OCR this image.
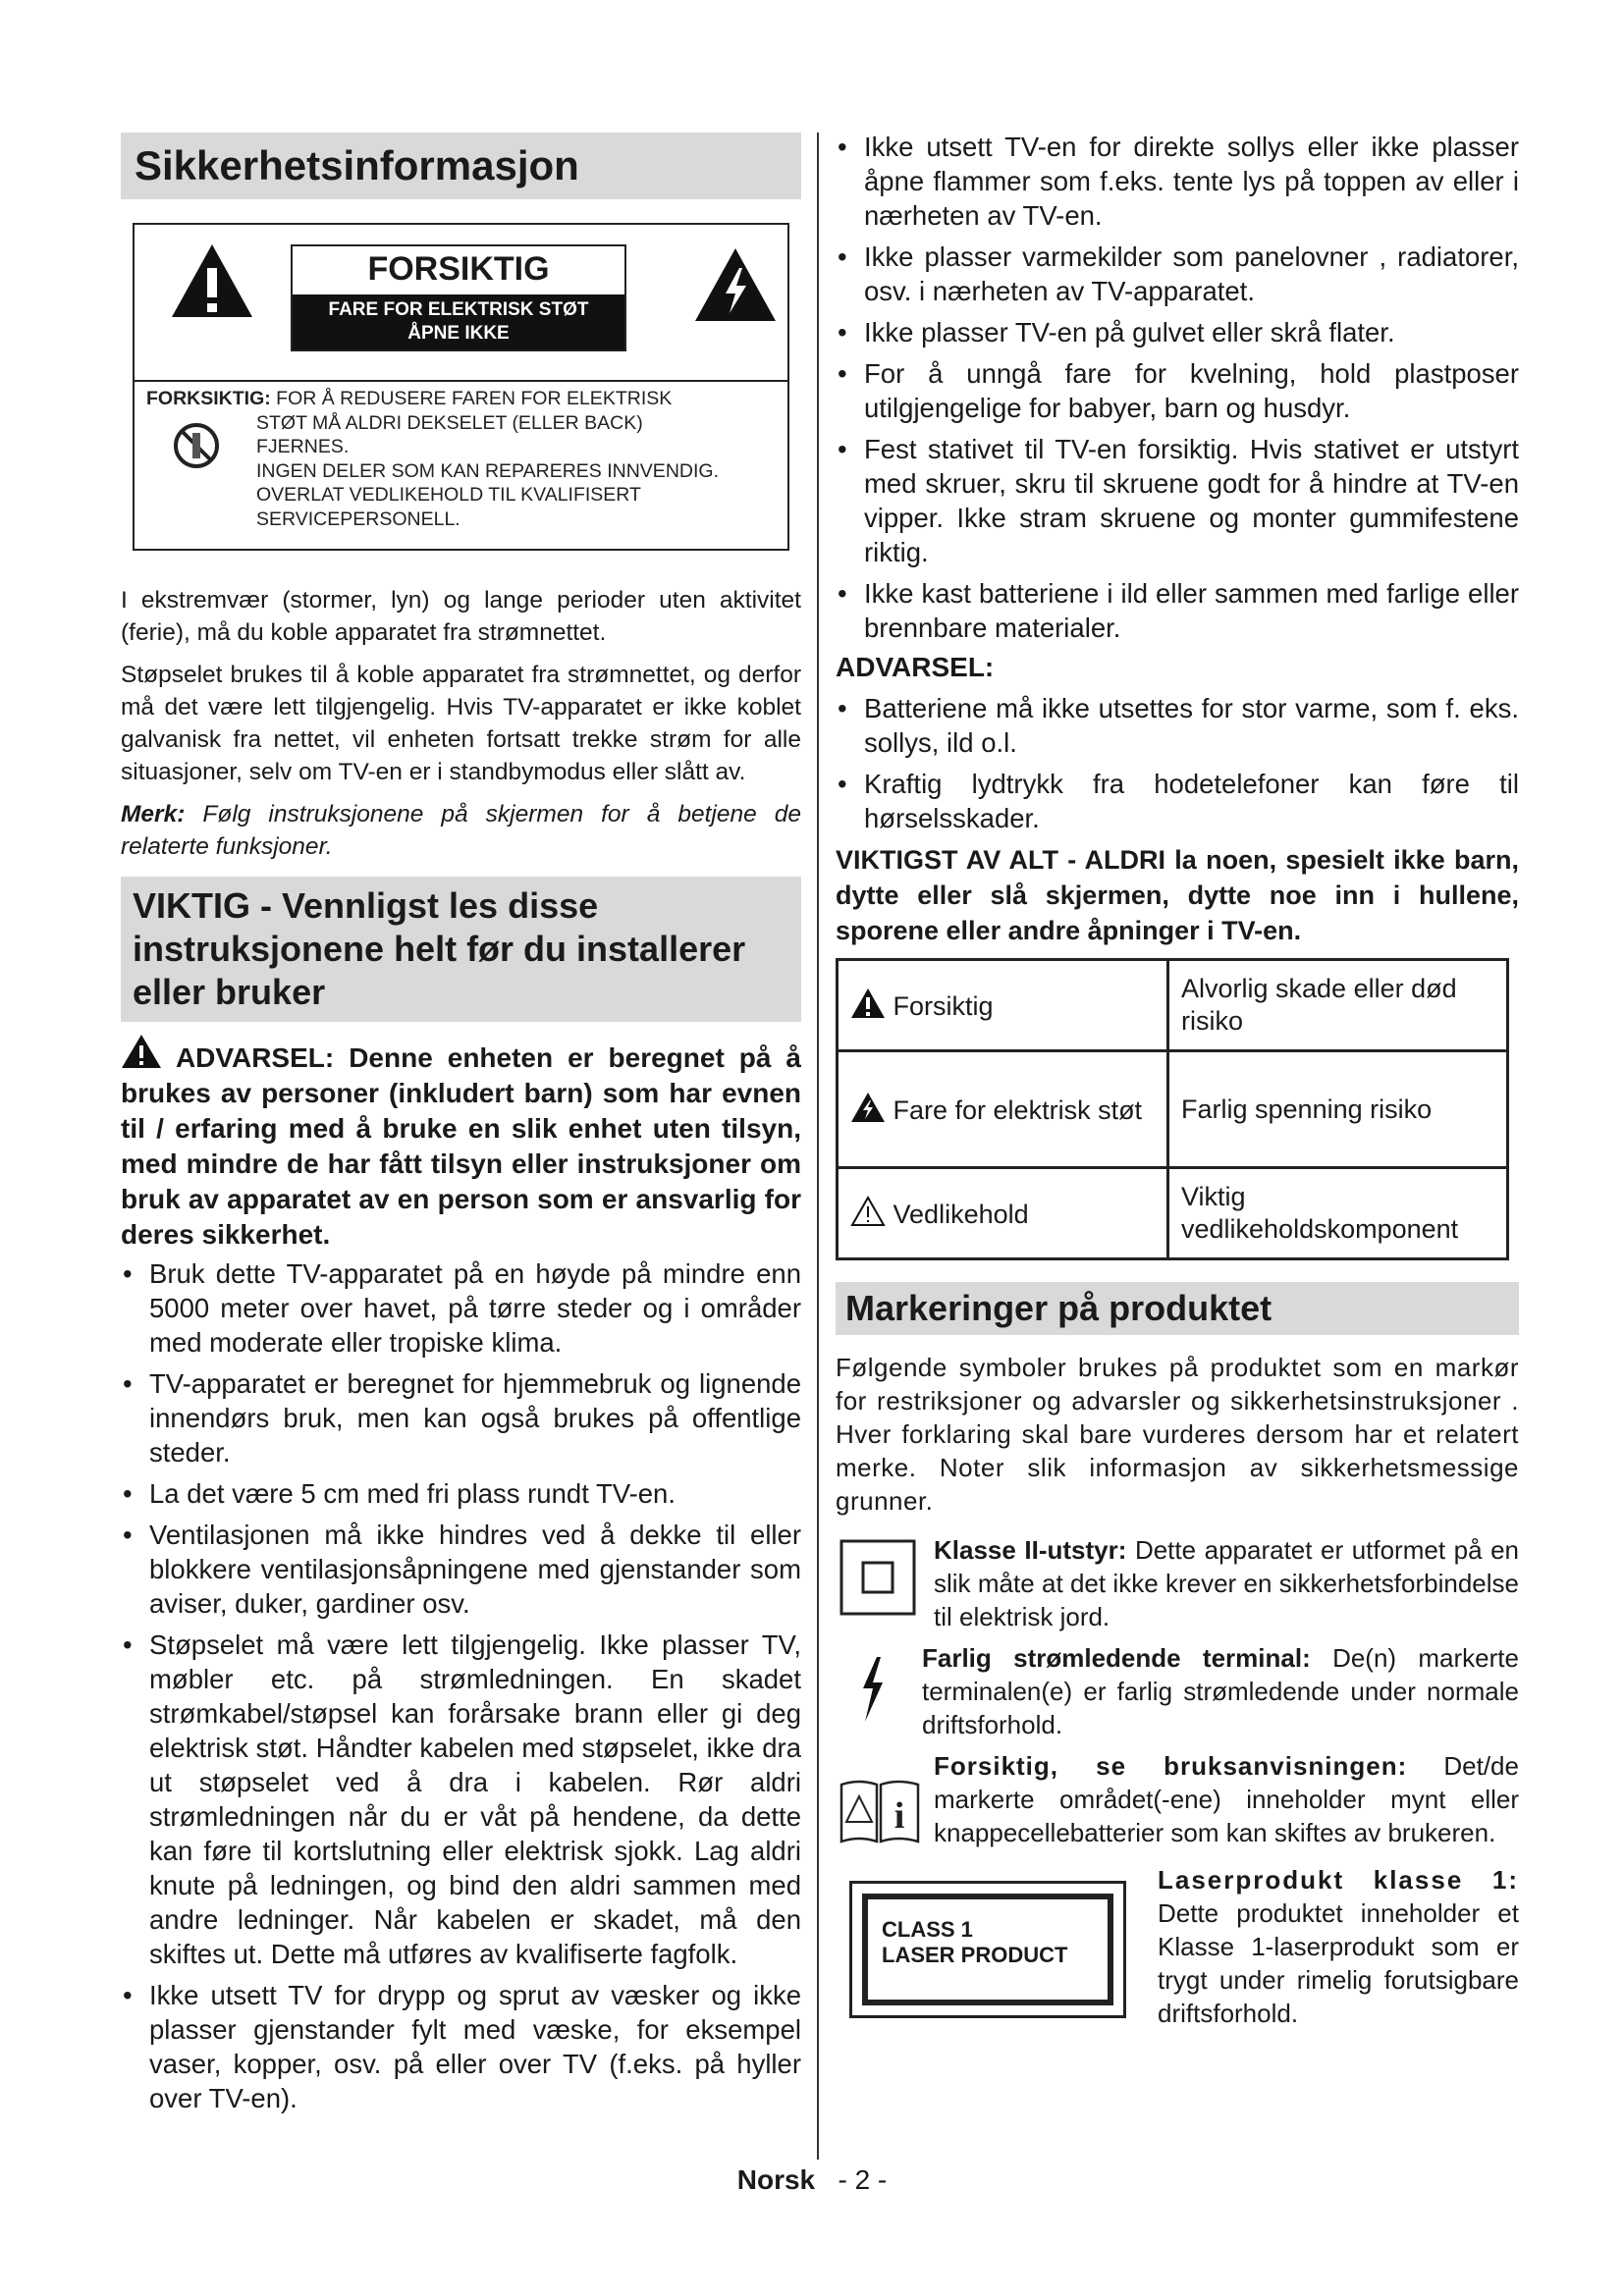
Sikkerhetsinformasjon
FORSIKTIG
FARE FOR ELEKTRISK STØT
ÅPNE IKKE
FORKSIKTIG: FOR Å REDUSERE FAREN FOR ELEKTRISK
STØT MÅ ALDRI DEKSELET (ELLER BACK)
FJERNES.
INGEN DELER SOM KAN REPARERES INNVENDIG.
OVERLAT VEDLIKEHOLD TIL KVALIFISERT
SERVICEPERSONELL.

I ekstremvær (stormer, lyn) og lange perioder uten aktivitet (ferie), må du koble apparatet fra strømnettet.

Støpselet brukes til å koble apparatet fra strømnettet, og derfor må det være lett tilgjengelig. Hvis TV-apparatet er ikke koblet galvanisk fra nettet, vil enheten fortsatt trekke strøm for alle situasjoner, selv om TV-en er i standbymodus eller slått av.

Merk: Følg instruksjonene på skjermen for å betjene de relaterte funksjoner.

VIKTIG - Vennligst les disse instruksjonene helt før du installerer eller bruker
ADVARSEL: Denne enheten er beregnet på å brukes av personer (inkludert barn) som har evnen til / erfaring med å bruke en slik enhet uten tilsyn, med mindre de har fått tilsyn eller instruksjoner om bruk av apparatet av en person som er ansvarlig for deres sikkerhet.
• Bruk dette TV-apparatet på en høyde på mindre enn 5000 meter over havet, på tørre steder og i områder med moderate eller tropiske klima.
• TV-apparatet er beregnet for hjemmebruk og lignende innendørs bruk, men kan også brukes på offentlige steder.
• La det være 5 cm med fri plass rundt TV-en.
• Ventilasjonen må ikke hindres ved å dekke til eller blokkere ventilasjonsåpningene med gjenstander som aviser, duker, gardiner osv.
• Støpselet må være lett tilgjengelig. Ikke plasser TV, møbler etc. på strømledningen. En skadet strømkabel/støpsel kan forårsake brann eller gi deg elektrisk støt. Håndter kabelen med støpselet, ikke dra ut støpselet ved å dra i kabelen. Rør aldri strømledningen når du er våt på hendene, da dette kan føre til kortslutning eller elektrisk sjokk. Lag aldri knute på ledningen, og bind den aldri sammen med andre ledninger. Når kabelen er skadet, må den skiftes ut. Dette må utføres av kvalifiserte fagfolk.
• Ikke utsett TV for drypp og sprut av væsker og ikke plasser gjenstander fylt med væske, for eksempel vaser, kopper, osv. på eller over TV (f.eks. på hyller over TV-en).
• Ikke utsett TV-en for direkte sollys eller ikke plasser åpne flammer som f.eks. tente lys på toppen av eller i nærheten av TV-en.
• Ikke plasser varmekilder som panelovner , radiatorer, osv. i nærheten av TV-apparatet.
• Ikke plasser TV-en på gulvet eller skrå flater.
• For å unngå fare for kvelning, hold plastposer utilgjengelige for babyer, barn og husdyr.
• Fest stativet til TV-en forsiktig. Hvis stativet er utstyrt med skruer, skru til skruene godt for å hindre at TV-en vipper. Ikke stram skruene og monter gummifestene riktig.
• Ikke kast batteriene i ild eller sammen med farlige eller brennbare materialer.
ADVARSEL:
• Batteriene må ikke utsettes for stor varme, som f. eks. sollys, ild o.l.
• Kraftig lydtrykk fra hodetelefoner kan føre til hørselsskader.
VIKTIGST AV ALT - ALDRI la noen, spesielt ikke barn, dytte eller slå skjermen, dytte noe inn i hullene, sporene eller andre åpninger i TV-en.
Forsiktig	Alvorlig skade eller død risiko
Fare for elektrisk støt	Farlig spenning risiko
Vedlikehold	Viktig vedlikeholdskomponent
Markeringer på produktet

Følgende symboler brukes på produktet som en markør for restriksjoner og advarsler og sikkerhetsinstruksjoner . Hver forklaring skal bare vurderes dersom har et relatert merke. Noter slik informasjon av sikkerhetsmessige grunner.

Klasse II-utstyr: Dette apparatet er utformet på en slik måte at det ikke krever en sikkerhetsforbindelse til elektrisk jord.
Farlig strømledende terminal: De(n) markerte terminalen(e) er farlig strømledende under normale driftsforhold.
i
Forsiktig, se bruksanvisningen: Det/de markerte området(-ene) inneholder mynt eller knappecellebatterier som kan skiftes av brukeren.
CLASS 1
LASER PRODUCT
Laserprodukt klasse 1: Dette produktet inneholder et Klasse 1-laserprodukt som er trygt under rimelig forutsigbare driftsforhold.
Norsk - 2 -
